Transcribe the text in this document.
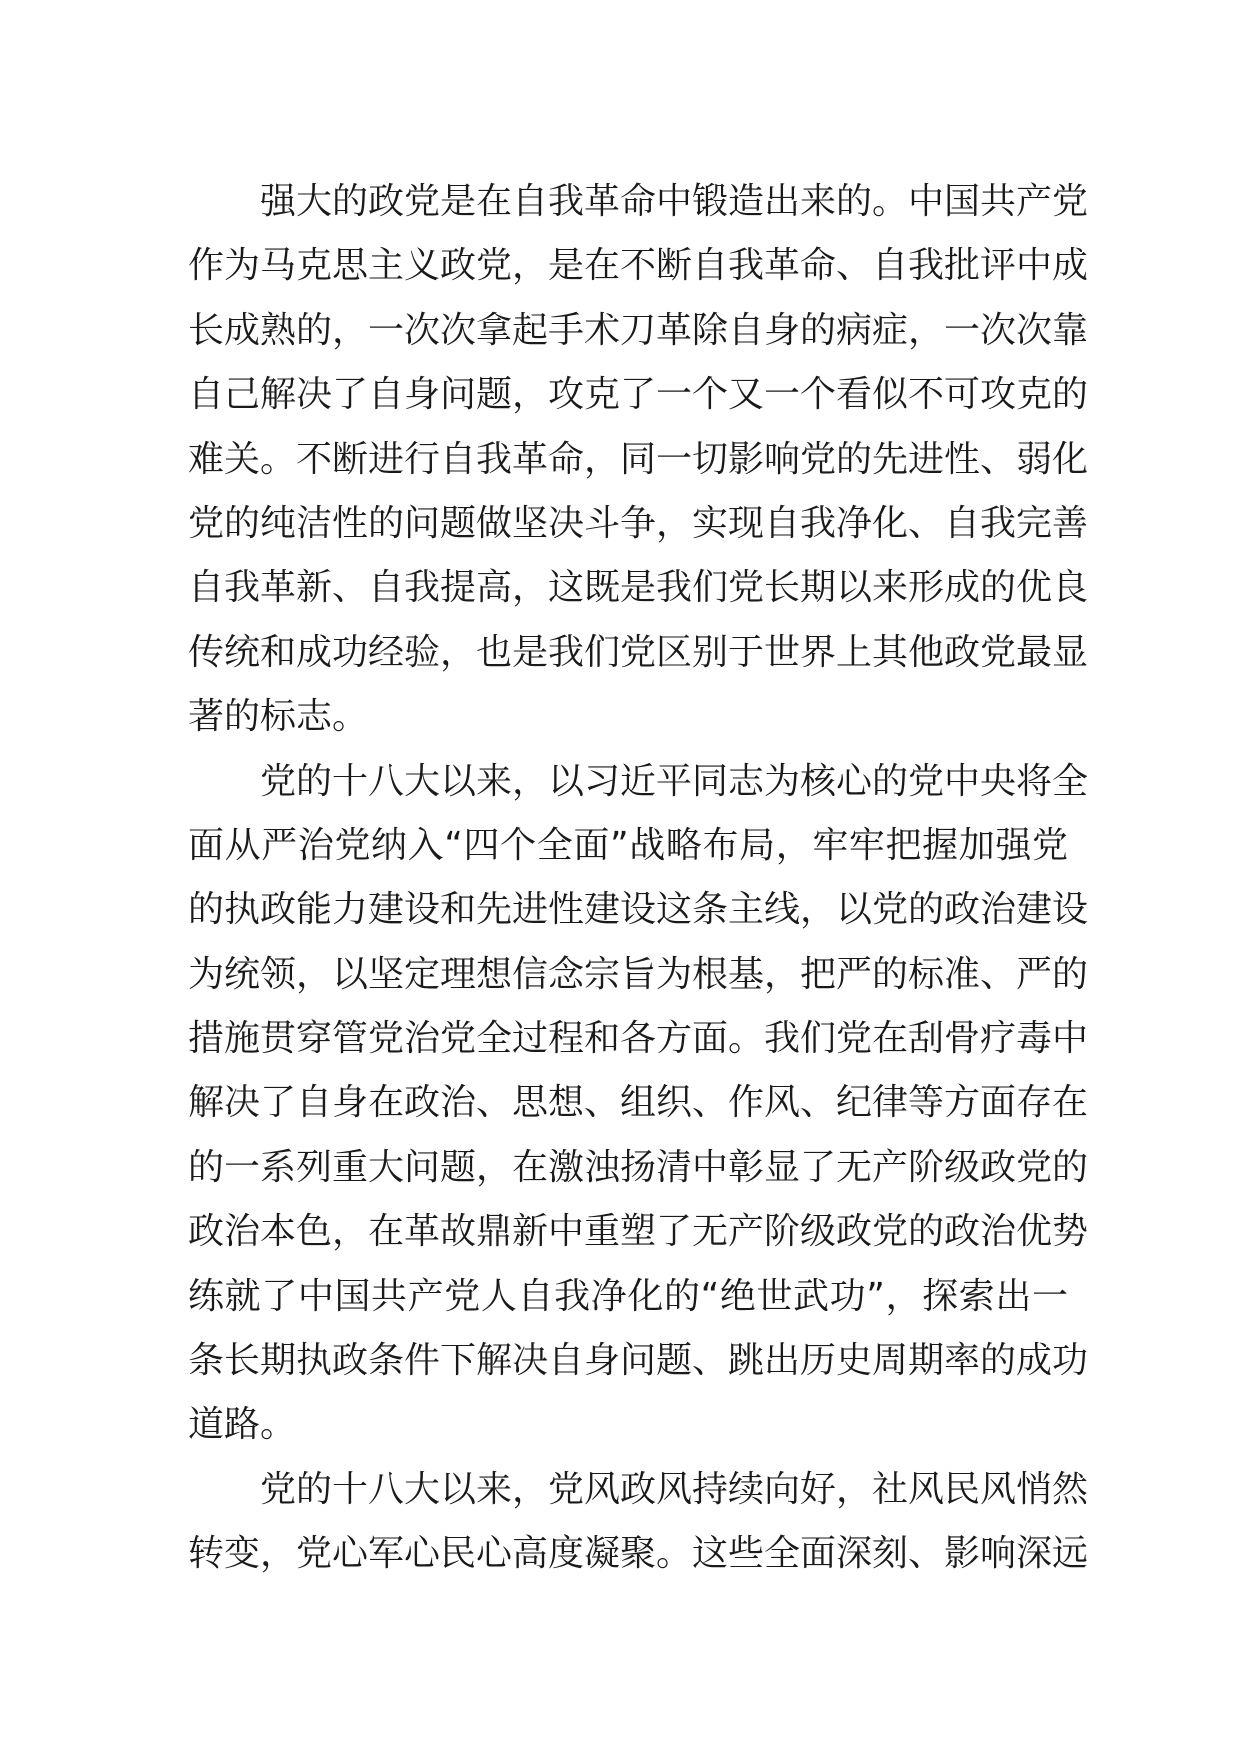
强大的政党是在自我革命中锻造出来的。中国共产党
作为马克思主义政党，是在不断自我革命、自我批评中成
长成熟的，一次次拿起手术刀革除自身的病症，一次次靠
自己解决了自身问题，攻克了一个又一个看似不可攻克的
难关。不断进行自我革命，同一切影响党的先进性、弱化
党的纯洁性的问题做坚决斗争，实现自我净化、自我完善
自我革新、自我提高，这既是我们党长期以来形成的优良
传统和成功经验，也是我们党区别于世界上其他政党最显
著的标志。
党的十八大以来，以习近平同志为核心的党中央将全
面从严治党纳入“四个全面”战略布局，牢牢把握加强党
的执政能力建设和先进性建设这条主线，以党的政治建设
为统领，以坚定理想信念宗旨为根基，把严的标准、严的
措施贯穿管党治党全过程和各方面。我们党在刮骨疗毒中
解决了自身在政治、思想、组织、作风、纪律等方面存在
的一系列重大问题，在激浊扬清中彰显了无产阶级政党的
政治本色，在革故鼎新中重塑了无产阶级政党的政治优势
练就了中国共产党人自我净化的“绝世武功”，探索出一
条长期执政条件下解决自身问题、跳出历史周期率的成功
道路。
党的十八大以来，党风政风持续向好，社风民风悄然
转变，党心军心民心高度凝聚。这些全面深刻、影响深远
